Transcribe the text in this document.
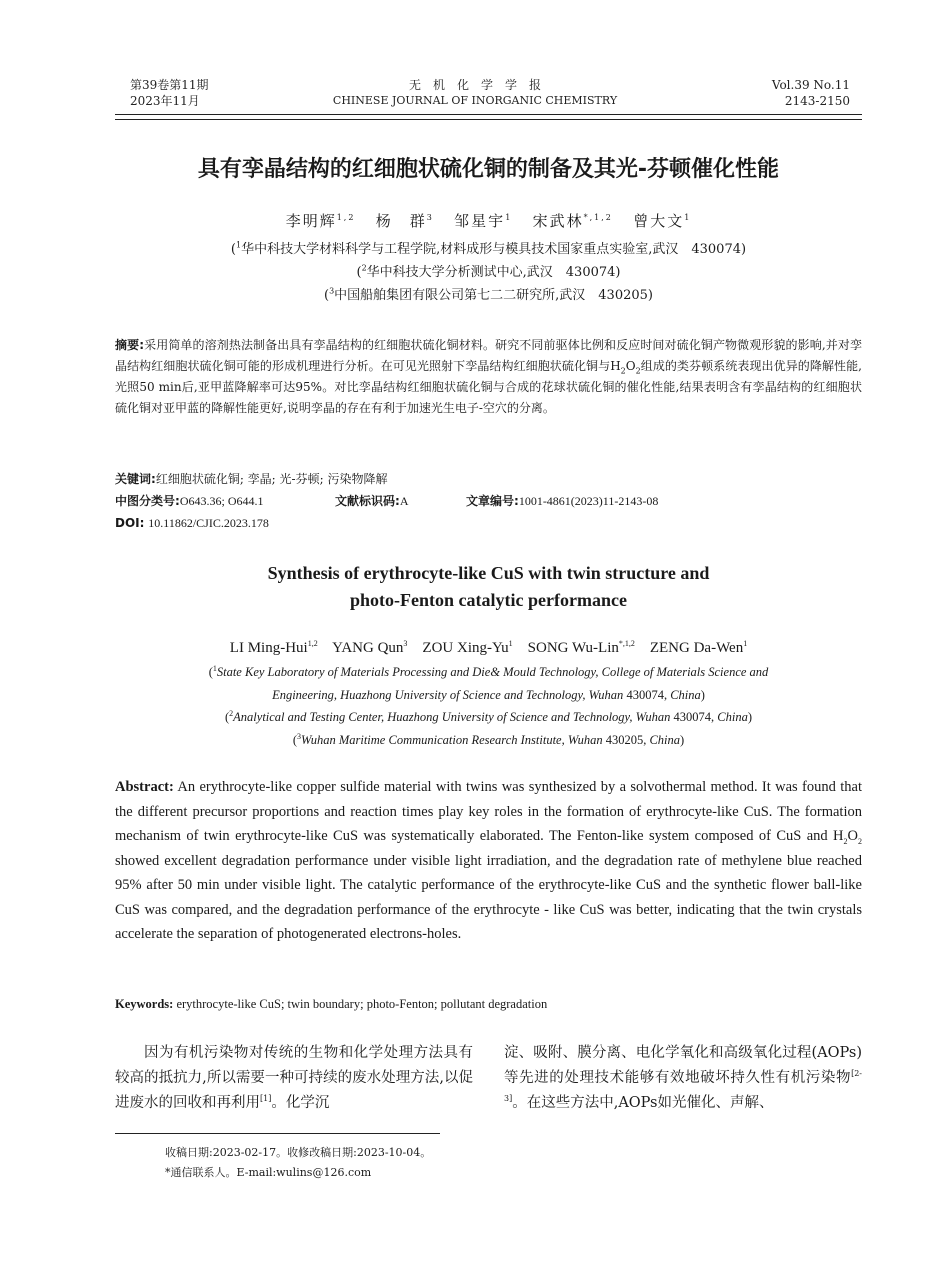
第39卷第11期
2023年11月
无　机　化　学　学　报
CHINESE JOURNAL OF INORGANIC CHEMISTRY
Vol.39 No.11
2143-2150
具有孪晶结构的红细胞状硫化铜的制备及其光-芬顿催化性能
李明辉$^{1,2}$ 杨　群$^3$ 邹星宇$^1$ 宋武林$^{*,1,2}$ 曾大文$^1$
($^1$华中科技大学材料科学与工程学院,材料成形与模具技术国家重点实验室,武汉　430074)
($^2$华中科技大学分析测试中心,武汉　430074)
($^3$中国船舶集团有限公司第七二二研究所,武汉　430205)
摘要:采用简单的溶剂热法制备出具有孪晶结构的红细胞状硫化铜材料。研究不同前驱体比例和反应时间对硫化铜产物微观形貌的影响,并对孪晶结构红细胞状硫化铜可能的形成机理进行分析。在可见光照射下孪晶结构红细胞状硫化铜与$H_2O_2$组成的类芬顿系统表现出优异的降解性能,光照50 min后,亚甲蓝降解率可达95%。对比孪晶结构红细胞状硫化铜与合成的花球状硫化铜的催化性能,结果表明含有孪晶结构的红细胞状硫化铜对亚甲蓝的降解性能更好,说明孪晶的存在有利于加速光生电子-空穴的分离。
关键词:红细胞状硫化铜; 孪晶; 光-芬顿; 污染物降解
中图分类号:O643.36; O644.1	文献标识码:A	文章编号:1001-4861(2023)11-2143-08
DOI: 10.11862/CJIC.2023.178
Synthesis of erythrocyte-like CuS with twin structure and
photo-Fenton catalytic performance
LI Ming-Hui$^{1,2}$ YANG Qun$^3$ ZOU Xing-Yu$^1$ SONG Wu-Lin$^{*,1,2}$ ZENG Da-Wen$^1$
($^1$State Key Laboratory of Materials Processing and Die& Mould Technology, College of Materials Science and
Engineering, Huazhong University of Science and Technology, Wuhan 430074, China)
($^2$Analytical and Testing Center, Huazhong University of Science and Technology, Wuhan 430074, China)
($^3$Wuhan Maritime Communication Research Institute, Wuhan 430205, China)
Abstract: An erythrocyte-like copper sulfide material with twins was synthesized by a solvothermal method. It was found that the different precursor proportions and reaction times play key roles in the formation of erythrocyte-like CuS. The formation mechanism of twin erythrocyte-like CuS was systematically elaborated. The Fenton-like system composed of CuS and $H_2O_2$ showed excellent degradation performance under visible light irradiation, and the degradation rate of methylene blue reached 95% after 50 min under visible light. The catalytic performance of the erythrocyte-like CuS and the synthetic flower ball-like CuS was compared, and the degradation performance of the erythrocyte - like CuS was better, indicating that the twin crystals accelerate the separation of photogenerated electrons-holes.
Keywords: erythrocyte-like CuS; twin boundary; photo-Fenton; pollutant degradation
因为有机污染物对传统的生物和化学处理方法具有较高的抵抗力,所以需要一种可持续的废水处理方法,以促进废水的回收和再利用[1]。化学沉
淀、吸附、膜分离、电化学氧化和高级氧化过程(AOPs)等先进的处理技术能够有效地破坏持久性有机污染物[2-3]。在这些方法中,AOPs如光催化、声解、
收稿日期:2023-02-17。收修改稿日期:2023-10-04。
*通信联系人。E-mail:wulins@126.com
